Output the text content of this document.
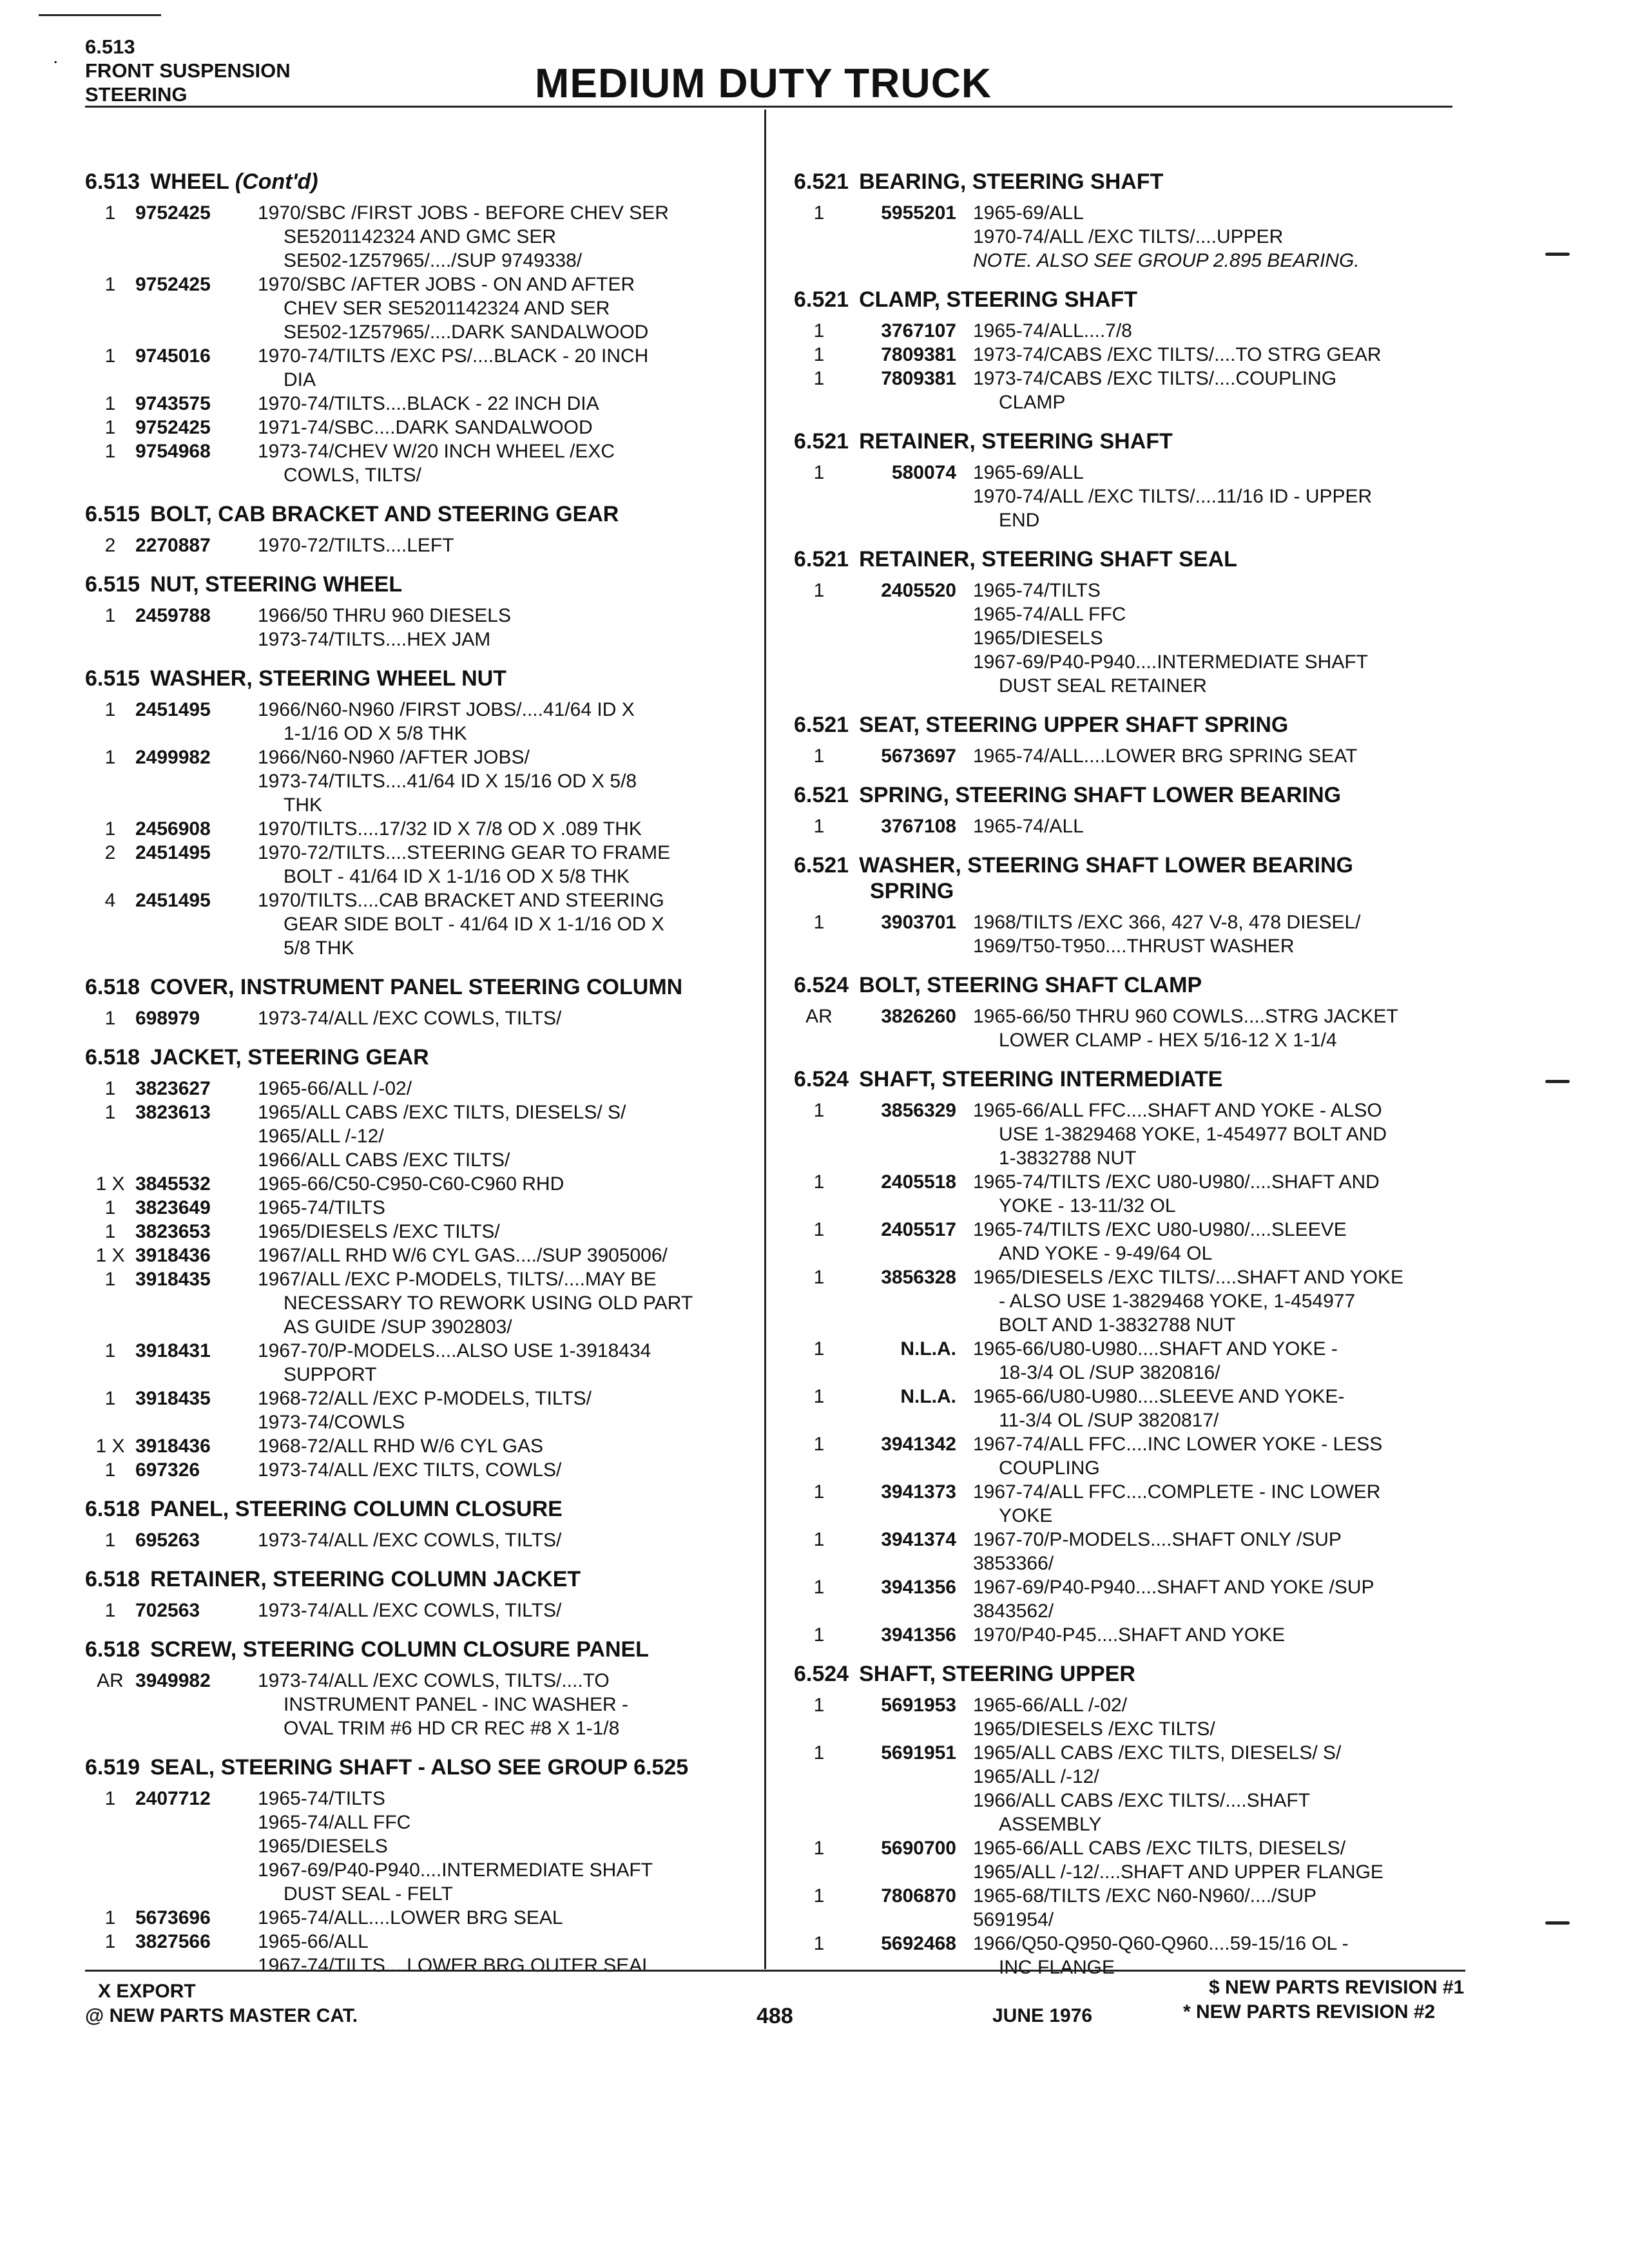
. 6.513
FRONT SUSPENSION
STEERING	MEDIUM DUTY TRUCK
6.513 WHEEL (Cont'd)
1	9752425	1970/SBC /FIRST JOBS - BEFORE CHEV SER
SE5201142324 AND GMC SER
SE502-1Z57965/..../SUP 9749338/
1	9752425	1970/SBC /AFTER JOBS - ON AND AFTER
CHEV SER SE5201142324 AND SER
SE502-1Z57965/....DARK SANDALWOOD
1	9745016	1970-74/TILTS /EXC PS/....BLACK - 20 INCH
DIA
1	9743575	1970-74/TILTS....BLACK - 22 INCH DIA
1	9752425	1971-74/SBC....DARK SANDALWOOD
1	9754968	1973-74/CHEV W/20 INCH WHEEL /EXC
COWLS, TILTS/
6.515 BOLT, CAB BRACKET AND STEERING GEAR
2	2270887	1970-72/TILTS....LEFT
6.515 NUT, STEERING WHEEL
1	2459788	1966/50 THRU 960 DIESELS
1973-74/TILTS....HEX JAM
6.515 WASHER, STEERING WHEEL NUT
1	2451495	1966/N60-N960 /FIRST JOBS/....41/64 ID X
1-1/16 OD X 5/8 THK
1	2499982	1966/N60-N960 /AFTER JOBS/
1973-74/TILTS....41/64 ID X 15/16 OD X 5/8
THK
1	2456908	1970/TILTS....17/32 ID X 7/8 OD X .089 THK
2	2451495	1970-72/TILTS....STEERING GEAR TO FRAME
BOLT - 41/64 ID X 1-1/16 OD X 5/8 THK
4	2451495	1970/TILTS....CAB BRACKET AND STEERING
GEAR SIDE BOLT - 41/64 ID X 1-1/16 OD X
5/8 THK
6.518 COVER, INSTRUMENT PANEL STEERING COLUMN
1	698979	1973-74/ALL /EXC COWLS, TILTS/
6.518 JACKET, STEERING GEAR
1	3823627	1965-66/ALL /-02/
1	3823613	1965/ALL CABS /EXC TILTS, DIESELS/ S/
1965/ALL /-12/
1966/ALL CABS /EXC TILTS/
1 X 3845532	1965-66/C50-C950-C60-C960 RHD
1	3823649	1965-74/TILTS
1	3823653	1965/DIESELS /EXC TILTS/
1 X 3918436	1967/ALL RHD W/6 CYL GAS..../SUP 3905006/
1	3918435	1967/ALL /EXC P-MODELS, TILTS/....MAY BE
NECESSARY TO REWORK USING OLD PART
AS GUIDE /SUP 3902803/
1	3918431	1967-70/P-MODELS....ALSO USE 1-3918434
SUPPORT
1	3918435	1968-72/ALL /EXC P-MODELS, TILTS/
1973-74/COWLS
1 X 3918436	1968-72/ALL RHD W/6 CYL GAS
1	697326	1973-74/ALL /EXC TILTS, COWLS/
6.518 PANEL, STEERING COLUMN CLOSURE
1	695263	1973-74/ALL /EXC COWLS, TILTS/
6.518 RETAINER, STEERING COLUMN JACKET
1	702563	1973-74/ALL /EXC COWLS, TILTS/
6.518 SCREW, STEERING COLUMN CLOSURE PANEL
AR 3949982	1973-74/ALL /EXC COWLS, TILTS/....TO
INSTRUMENT PANEL - INC WASHER -
OVAL TRIM #6 HD CR REC #8 X 1-1/8
6.519 SEAL, STEERING SHAFT - ALSO SEE GROUP 6.525
1	2407712	1965-74/TILTS
1965-74/ALL FFC
1965/DIESELS
1967-69/P40-P940....INTERMEDIATE SHAFT
DUST SEAL - FELT
1	5673696	1965-74/ALL....LOWER BRG SEAL
1	3827566	1965-66/ALL
1967-74/TILTS....LOWER BRG OUTER SEAL
6.521 BEARING, STEERING SHAFT
1	5955201 1965-69/ALL
1970-74/ALL /EXC TILTS/....UPPER
NOTE. ALSO SEE GROUP 2.895 BEARING.
6.521 CLAMP, STEERING SHAFT
1	3767107 1965-74/ALL....7/8
1	7809381 1973-74/CABS /EXC TILTS/....TO STRG GEAR
1	7809381 1973-74/CABS /EXC TILTS/....COUPLING
CLAMP
6.521 RETAINER, STEERING SHAFT
1	580074 1965-69/ALL
1970-74/ALL /EXC TILTS/....11/16 ID - UPPER
END
6.521 RETAINER, STEERING SHAFT SEAL
1	2405520 1965-74/TILTS
1965-74/ALL FFC
1965/DIESELS
1967-69/P40-P940....INTERMEDIATE SHAFT
DUST SEAL RETAINER
6.521 SEAT, STEERING UPPER SHAFT SPRING
1	5673697 1965-74/ALL....LOWER BRG SPRING SEAT
6.521 SPRING, STEERING SHAFT LOWER BEARING
1	3767108 1965-74/ALL
6.521 WASHER, STEERING SHAFT LOWER BEARING
SPRING
1	3903701 1968/TILTS /EXC 366, 427 V-8, 478 DIESEL/
1969/T50-T950....THRUST WASHER
6.524 BOLT, STEERING SHAFT CLAMP
AR	3826260 1965-66/50 THRU 960 COWLS....STRG JACKET
LOWER CLAMP - HEX 5/16-12 X 1-1/4
6.524 SHAFT, STEERING INTERMEDIATE
1	3856329 1965-66/ALL FFC....SHAFT AND YOKE - ALSO
USE 1-3829468 YOKE, 1-454977 BOLT AND
1-3832788 NUT
1	2405518 1965-74/TILTS /EXC U80-U980/....SHAFT AND
YOKE - 13-11/32 OL
1	2405517 1965-74/TILTS /EXC U80-U980/....SLEEVE
AND YOKE - 9-49/64 OL
1	3856328 1965/DIESELS /EXC TILTS/....SHAFT AND YOKE
- ALSO USE 1-3829468 YOKE, 1-454977
BOLT AND 1-3832788 NUT
1	N.L.A. 1965-66/U80-U980....SHAFT AND YOKE -
18-3/4 OL /SUP 3820816/
1	N.L.A. 1965-66/U80-U980....SLEEVE AND YOKE-
11-3/4 OL /SUP 3820817/
1	3941342 1967-74/ALL FFC....INC LOWER YOKE - LESS
COUPLING
1	3941373 1967-74/ALL FFC....COMPLETE - INC LOWER
YOKE
1	3941374 1967-70/P-MODELS....SHAFT ONLY /SUP
3853366/
1	3941356 1967-69/P40-P940....SHAFT AND YOKE /SUP
3843562/
1	3941356 1970/P40-P45....SHAFT AND YOKE
6.524 SHAFT, STEERING UPPER
1	5691953 1965-66/ALL /-02/
1965/DIESELS /EXC TILTS/
1	5691951 1965/ALL CABS /EXC TILTS, DIESELS/ S/
1965/ALL /-12/
1966/ALL CABS /EXC TILTS/....SHAFT
ASSEMBLY
1	5690700 1965-66/ALL CABS /EXC TILTS, DIESELS/
1965/ALL /-12/....SHAFT AND UPPER FLANGE
1	7806870 1965-68/TILTS /EXC N60-N960/..../SUP
5691954/
1	5692468 1966/Q50-Q950-Q60-Q960....59-15/16 OL -
INC FLANGE
X EXPORT
@ NEW PARTS MASTER CAT.	488	JUNE 1976
$ NEW PARTS REVISION #1
* NEW PARTS REVISION #2
